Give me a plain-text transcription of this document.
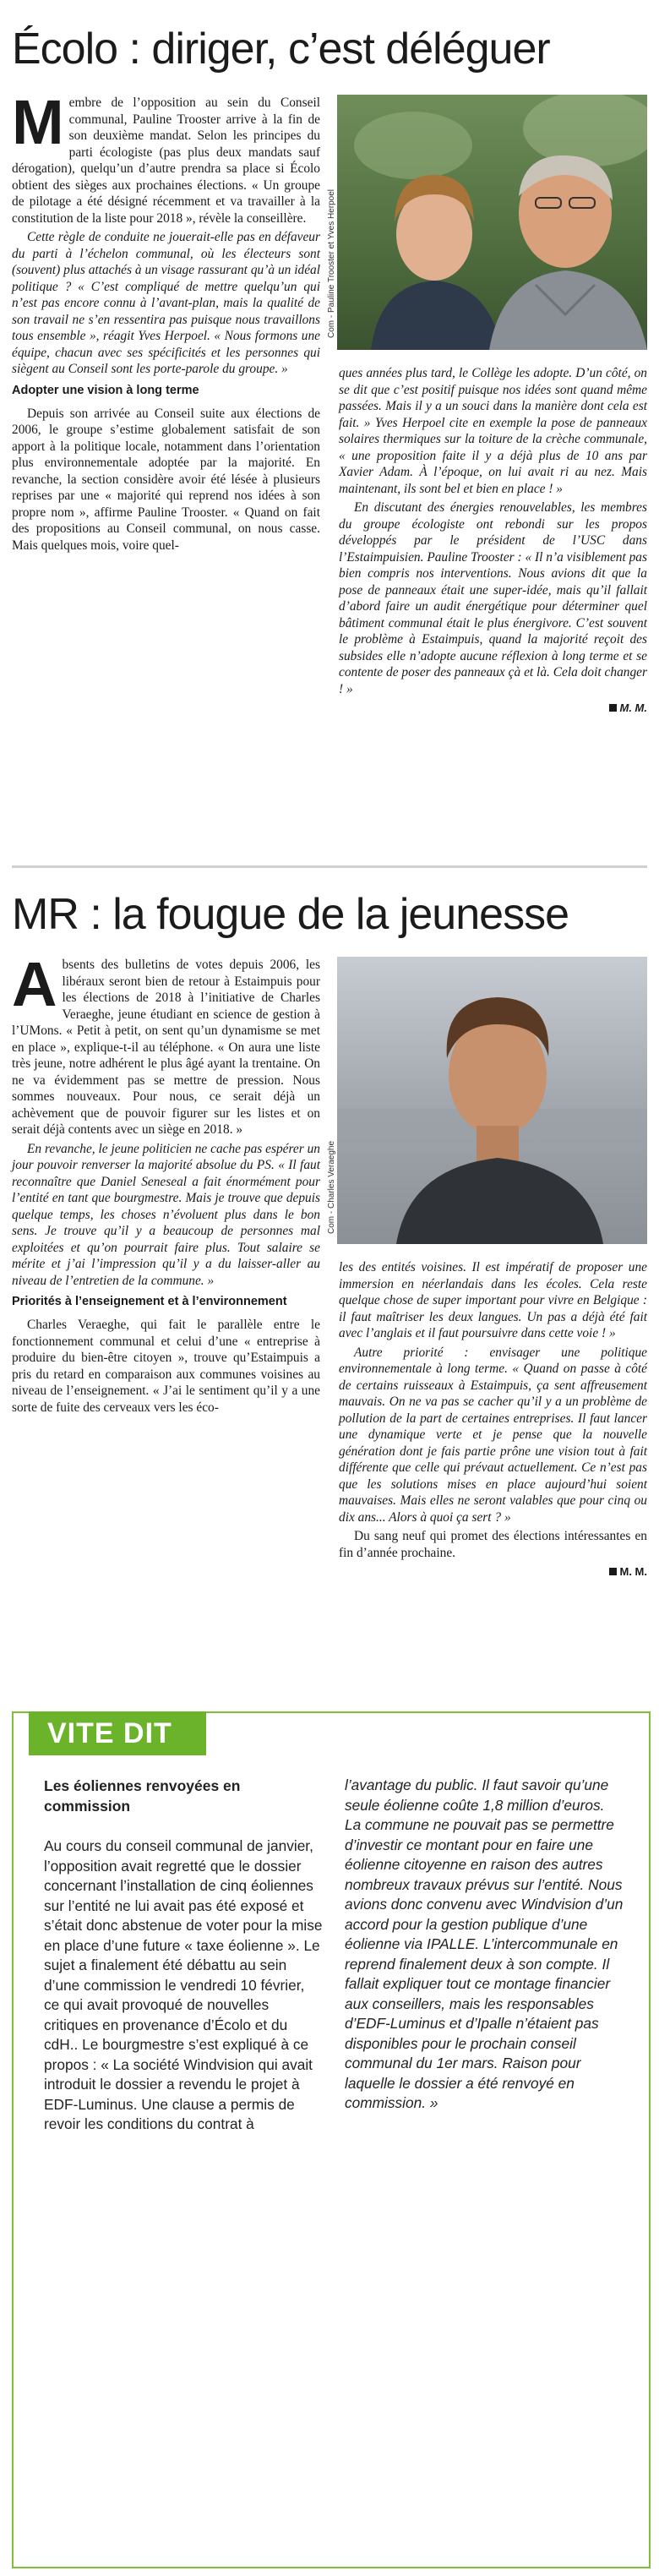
Écolo : diriger, c’est déléguer
M embre de l’opposition au sein du Conseil communal, Pauline Trooster arrive à la fin de son deuxième mandat. Selon les principes du parti écologiste (pas plus deux mandats sauf dérogation), quelqu’un d’autre prendra sa place si Écolo obtient des sièges aux prochaines élections. « Un groupe de pilotage a été désigné récemment et va travailler à la constitution de la liste pour 2018 », révèle la conseillère.

Cette règle de conduite ne jouerait-elle pas en défaveur du parti à l’échelon communal, où les électeurs sont (souvent) plus attachés à un visage rassurant qu’à un idéal politique ? « C’est compliqué de mettre quelqu’un qui n’est pas encore connu à l’avant-plan, mais la qualité de son travail ne s’en ressentira pas puisque nous travaillons tous ensemble », réagit Yves Herpoel. « Nous formons une équipe, chacun avec ses spécificités et les personnes qui siègent au Conseil sont les porte-parole du groupe. »

Adopter une vision à long terme

Depuis son arrivée au Conseil suite aux élections de 2006, le groupe s’estime globalement satisfait de son apport à la politique locale, notamment dans l’orientation plus environnementale adoptée par la majorité. En revanche, la section considère avoir été lésée à plusieurs reprises par une « majorité qui reprend nos idées à son propre nom », affirme Pauline Trooster. « Quand on fait des propositions au Conseil communal, on nous casse. Mais quelques mois, voire quel-

Com - Pauline Trooster et Yves Herpoel

ques années plus tard, le Collège les adopte. D’un côté, on se dit que c’est positif puisque nos idées sont quand même passées. Mais il y a un souci dans la manière dont cela est fait. » Yves Herpoel cite en exemple la pose de panneaux solaires thermiques sur la toiture de la crèche communale, « une proposition faite il y a déjà plus de 10 ans par Xavier Adam. À l’époque, on lui avait ri au nez. Mais maintenant, ils sont bel et bien en place ! »

En discutant des énergies renouvelables, les membres du groupe écologiste ont rebondi sur les propos développés par le président de l’USC dans l’Estaimpuisien. Pauline Trooster : « Il n’a visiblement pas bien compris nos interventions. Nous avions dit que la pose de panneaux était une super-idée, mais qu’il fallait d’abord faire un audit énergétique pour déterminer quel bâtiment communal était le plus énergivore. C’est souvent le problème à Estaimpuis, quand la majorité reçoit des subsides elle n’adopte aucune réflexion à long terme et se contente de poser des panneaux çà et là. Cela doit changer ! »

M. M.
MR : la fougue de la jeunesse
A bsents des bulletins de votes depuis 2006, les libéraux seront bien de retour à Estaimpuis pour les élections de 2018 à l’initiative de Charles Veraeghe, jeune étudiant en science de gestion à l’UMons. « Petit à petit, on sent qu’un dynamisme se met en place », explique-t-il au téléphone. « On aura une liste très jeune, notre adhérent le plus âgé ayant la trentaine. On ne va évidemment pas se mettre de pression. Nous sommes nouveaux. Pour nous, ce serait déjà un achèvement que de pouvoir figurer sur les listes et on serait déjà contents avec un siège en 2018. »

En revanche, le jeune politicien ne cache pas espérer un jour pouvoir renverser la majorité absolue du PS. « Il faut reconnaître que Daniel Seneseal a fait énormément pour l’entité en tant que bourgmestre. Mais je trouve que depuis quelque temps, les choses n’évoluent plus dans le bon sens. Je trouve qu’il y a beaucoup de personnes mal exploitées et qu’on pourrait faire plus. Tout salaire se mérite et j’ai l’impression qu’il y a du laisser-aller au niveau de l’entretien de la commune. »

Priorités à l’enseignement et à l’environnement

Charles Veraeghe, qui fait le parallèle entre le fonctionnement communal et celui d’une « entreprise à produire du bien-être citoyen », trouve qu’Estaimpuis a pris du retard en comparaison aux communes voisines au niveau de l’enseignement. « J’ai le sentiment qu’il y a une sorte de fuite des cerveaux vers les éco-

Com - Charles Veraeghe

les des entités voisines. Il est impératif de proposer une immersion en néerlandais dans les écoles. Cela reste quelque chose de super important pour vivre en Belgique : il faut maîtriser les deux langues. Un pas a déjà été fait avec l’anglais et il faut poursuivre dans cette voie ! »

Autre priorité : envisager une politique environnementale à long terme. « Quand on passe à côté de certains ruisseaux à Estaimpuis, ça sent affreusement mauvais. On ne va pas se cacher qu’il y a un problème de pollution de la part de certaines entreprises. Il faut lancer une dynamique verte et je pense que la nouvelle génération dont je fais partie prône une vision tout à fait différente que celle qui prévaut actuellement. Ce n’est pas que les solutions mises en place aujourd’hui soient mauvaises. Mais elles ne seront valables que pour cinq ou dix ans... Alors à quoi ça sert ? »

Du sang neuf qui promet des élections intéressantes en fin d’année prochaine.

M. M.
VITE DIT
Les éoliennes renvoyées en commission

Au cours du conseil communal de janvier, l’opposition avait regretté que le dossier concernant l’installation de cinq éoliennes sur l’entité ne lui avait pas été exposé et s’était donc abstenue de voter pour la mise en place d’une future « taxe éolienne ». Le sujet a finalement été débattu au sein d’une commission le vendredi 10 février, ce qui avait provoqué de nouvelles critiques en provenance d’Écolo et du cdH.. Le bourgmestre s’est expliqué à ce propos : « La société Windvision qui avait introduit le dossier a revendu le projet à EDF-Luminus. Une clause a permis de revoir les conditions du contrat à

l’avantage du public. Il faut savoir qu’une seule éolienne coûte 1,8 million d’euros. La commune ne pouvait pas se permettre d’investir ce montant pour en faire une éolienne citoyenne en raison des autres nombreux travaux prévus sur l’entité. Nous avions donc convenu avec Windvision d’un accord pour la gestion publique d’une éolienne via IPALLE. L’intercommunale en reprend finalement deux à son compte. Il fallait expliquer tout ce montage financier aux conseillers, mais les responsables d’EDF-Luminus et d’Ipalle n’étaient pas disponibles pour le prochain conseil communal du 1er mars. Raison pour laquelle le dossier a été renvoyé en commission. »
